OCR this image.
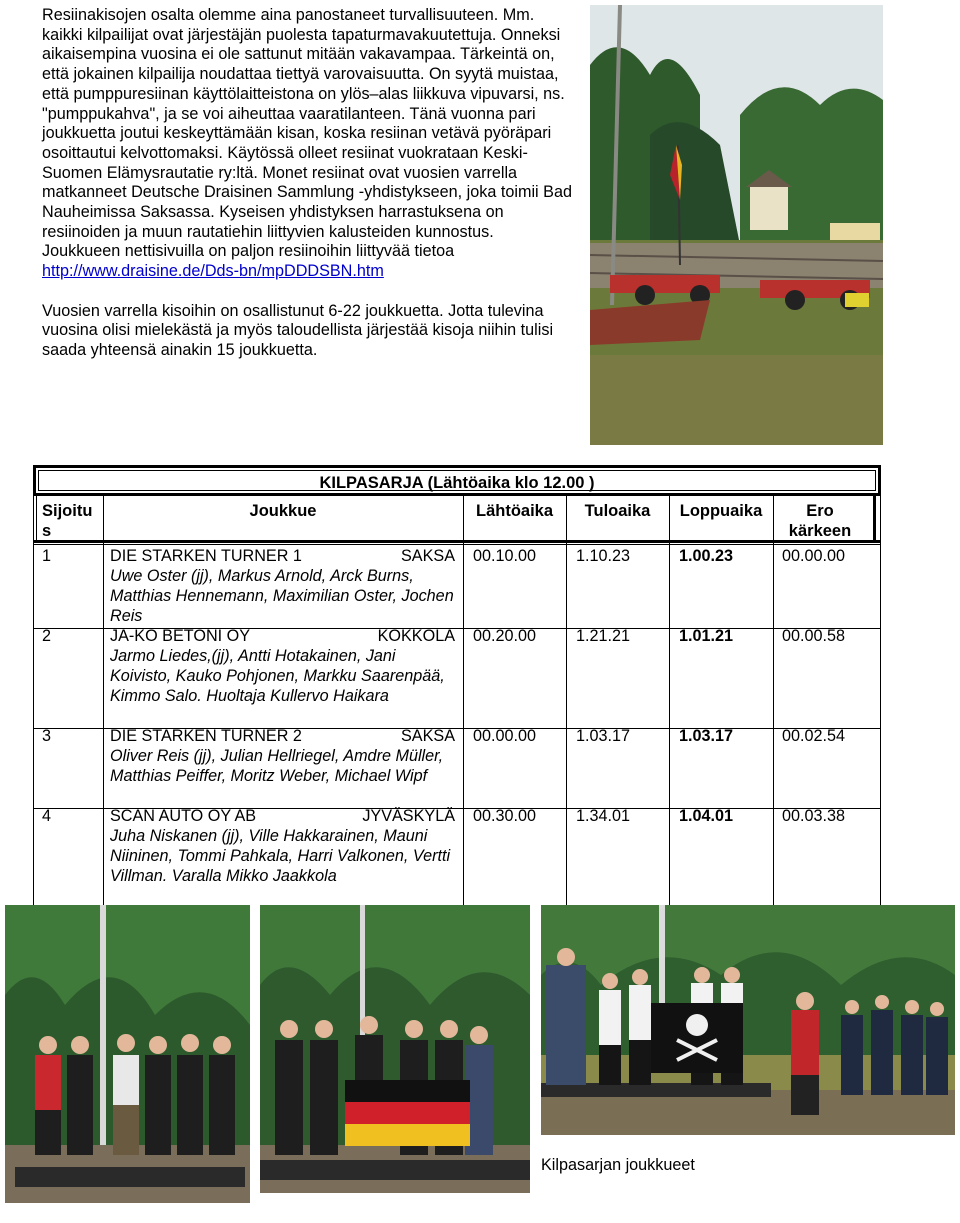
Resiinakisojen osalta olemme aina panostaneet turvallisuuteen. Mm. kaikki kilpailijat ovat järjestäjän puolesta tapaturmavakuutettuja. Onneksi aikaisempina vuosina ei ole sattunut mitään vakavampaa. Tärkeintä on, että jokainen kilpailija noudattaa tiettyä varovaisuutta. On syytä muistaa, että pumppuresiinan käyttölaitteistona on ylös–alas liikkuva vipuvarsi, ns. "pumppukahva", ja se voi aiheuttaa vaaratilanteen. Tänä vuonna pari joukkuetta joutui keskeyttämään kisan, koska resiinan vetävä pyöräpari osoittautui kelvottomaksi. Käytössä olleet resiinat vuokrataan Keski-Suomen Elämysrautatie ry:ltä. Monet resiinat ovat vuosien varrella matkanneet Deutsche Draisinen Sammlung -yhdistykseen, joka toimii Bad Nauheimissa Saksassa. Kyseisen yhdistyksen harrastuksena on resiinoiden ja muun rautatiehin liittyvien kalusteiden kunnostus. Joukkueen nettisivuilla on paljon resiinoihin liittyvää tietoa http://www.draisine.de/Dds-bn/mpDDDSBN.htm

Vuosien varrella kisoihin on osallistunut 6-22 joukkuetta. Jotta tulevina vuosina olisi mielekästä ja myös taloudellista järjestää kisoja niihin tulisi saada yhteensä ainakin 15 joukkuetta.

KILPASARJA (Lähtöaika klo 12.00 )
Sijoitu s
Joukkue	Lähtöaika	Tuloaika	Loppuaika	Ero kärkeen
1	DIE STARKEN TURNER 1	SAKSA
Uwe Oster (jj), Markus Arnold, Arck Burns, Matthias Hennemann, Maximilian Oster, Jochen Reis
00.10.00 1.10.23	1.00.23	00.00.00
2	JA-KO BETONI OY	KOKKOLA
Jarmo Liedes,(jj), Antti Hotakainen, Jani Koivisto, Kauko Pohjonen, Markku Saarenpää, Kimmo Salo. Huoltaja Kullervo Haikara
00.20.00 1.21.21	1.01.21	00.00.58
3	DIE STARKEN TURNER 2	SAKSA
Oliver Reis (jj), Julian Hellriegel, Amdre Müller, Matthias Peiffer, Moritz Weber, Michael Wipf
00.00.00 1.03.17	1.03.17	00.02.54
4	SCAN AUTO OY AB	JYVÄSKYLÄ
Juha Niskanen (jj), Ville Hakkarainen, Mauni Niininen, Tommi Pahkala, Harri Valkonen, Vertti Villman. Varalla Mikko Jaakkola
00.30.00 1.34.01	1.04.01	00.03.38
Kilpasarjan joukkueet
